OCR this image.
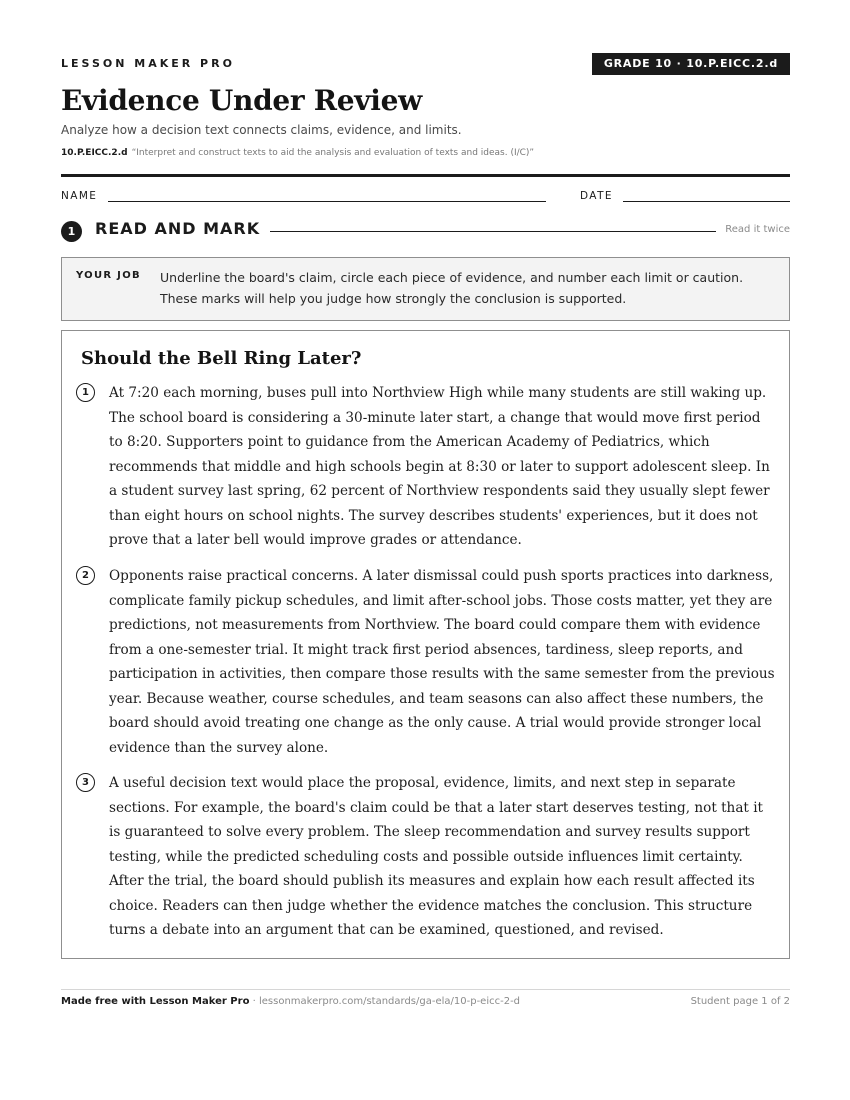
LESSON MAKER PRO	GRADE 10 · 10.P.EICC.2.d
Evidence Under Review
Analyze how a decision text connects claims, evidence, and limits.
10.P.EICC.2.d “Interpret and construct texts to aid the analysis and evaluation of texts and ideas. (I/C)”
NAME	DATE
1	READ AND MARK	Read it twice
YOUR JOB Underline the board's claim, circle each piece of evidence, and number each limit or caution. These marks will help you judge how strongly the conclusion is supported.
Should the Bell Ring Later?
1	At 7:20 each morning, buses pull into Northview High while many students are still waking up. The school board is considering a 30-minute later start, a change that would move first period to 8:20. Supporters point to guidance from the American Academy of Pediatrics, which recommends that middle and high schools begin at 8:30 or later to support adolescent sleep. In a student survey last spring, 62 percent of Northview respondents said they usually slept fewer than eight hours on school nights. The survey describes students' experiences, but it does not prove that a later bell would improve grades or attendance.
2	Opponents raise practical concerns. A later dismissal could push sports practices into darkness, complicate family pickup schedules, and limit after-school jobs. Those costs matter, yet they are predictions, not measurements from Northview. The board could compare them with evidence from a one-semester trial. It might track first period absences, tardiness, sleep reports, and participation in activities, then compare those results with the same semester from the previous year. Because weather, course schedules, and team seasons can also affect these numbers, the board should avoid treating one change as the only cause. A trial would provide stronger local evidence than the survey alone.
3	A useful decision text would place the proposal, evidence, limits, and next step in separate sections. For example, the board's claim could be that a later start deserves testing, not that it is guaranteed to solve every problem. The sleep recommendation and survey results support testing, while the predicted scheduling costs and possible outside influences limit certainty. After the trial, the board should publish its measures and explain how each result affected its choice. Readers can then judge whether the evidence matches the conclusion. This structure turns a debate into an argument that can be examined, questioned, and revised.
Made free with Lesson Maker Pro · lessonmakerpro.com/standards/ga-ela/10-p-eicc-2-d	Student page 1 of 2
